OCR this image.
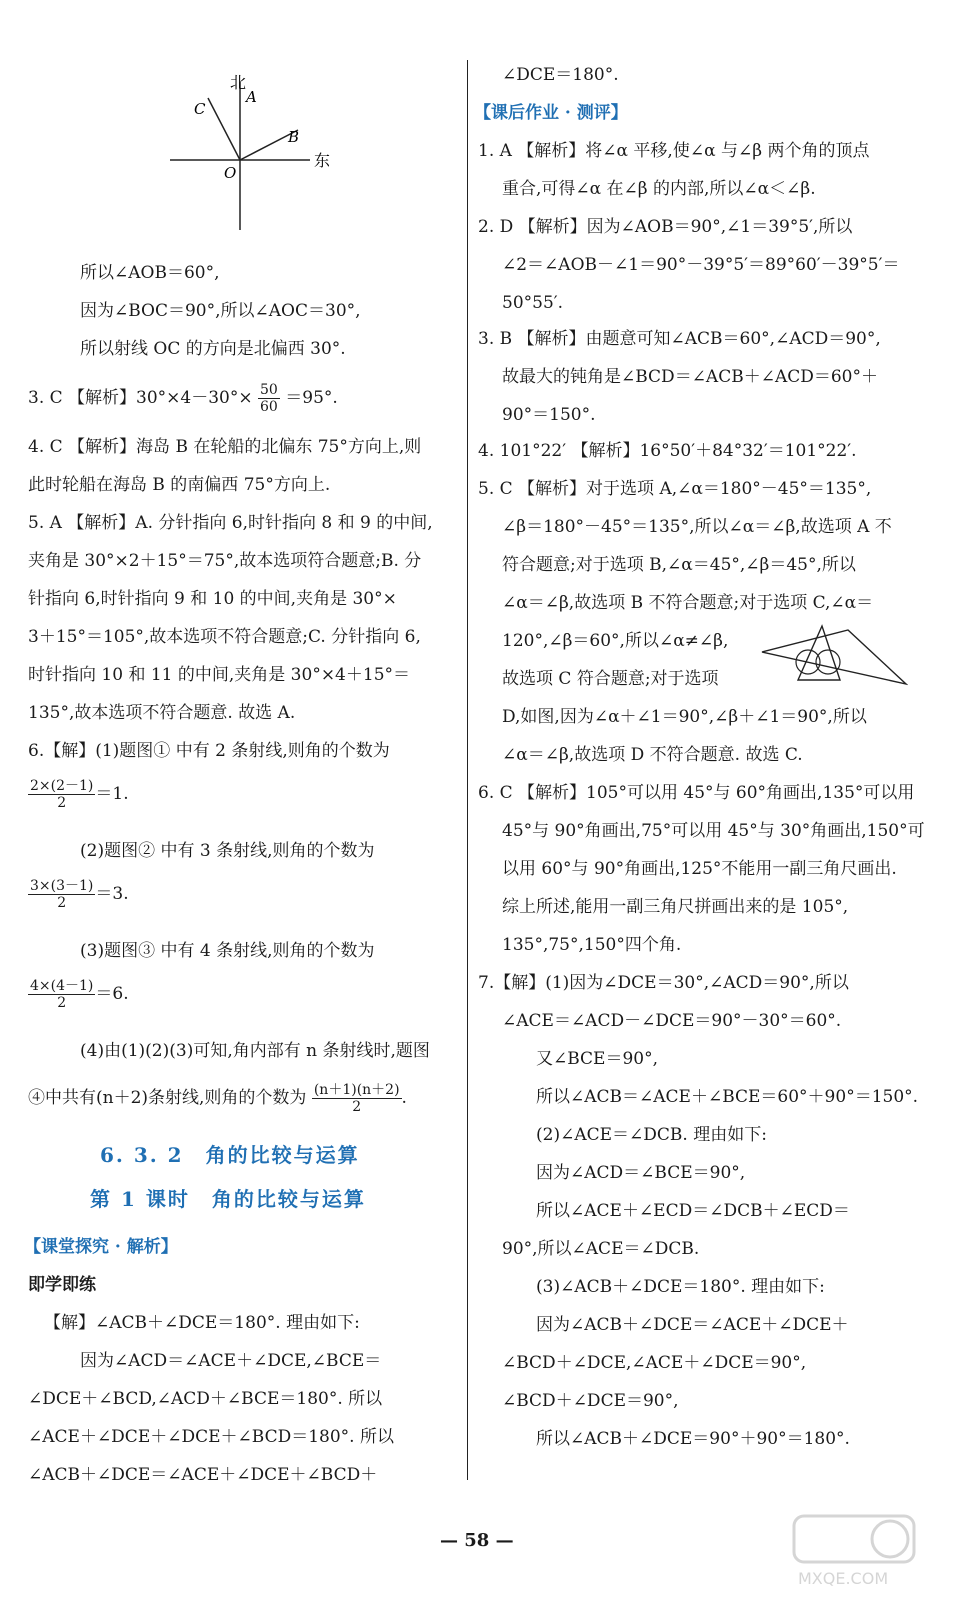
北
A
C
B
O
东
所以∠AOB＝60°,
因为∠BOC＝90°,所以∠AOC＝30°,
所以射线 OC 的方向是北偏西 30°.
3. C 【解析】$30^\circ\times 4-30^\circ\times \frac{50}{60} =95^\circ$.
4. C 【解析】海岛 B 在轮船的北偏东 75°方向上,则
此时轮船在海岛 B 的南偏西 75°方向上.
5. A 【解析】A. 分针指向 6,时针指向 8 和 9 的中间,
夹角是 30°×2＋15°＝75°,故本选项符合题意;B. 分
针指向 6,时针指向 9 和 10 的中间,夹角是 30°×
3＋15°＝105°,故本选项不符合题意;C. 分针指向 6,
时针指向 10 和 11 的中间,夹角是 30°×4＋15°＝
135°,故本选项不符合题意. 故选 A.
6.【解】(1)题图① 中有 2 条射线,则角的个数为
$\frac{2\times(2-1)}{2} =1$.
(2)题图② 中有 3 条射线,则角的个数为
$\frac{3\times(3-1)}{2} =3$.
(3)题图③ 中有 4 条射线,则角的个数为
$\frac{4\times(4-1)}{2} =6$.
(4)由(1)(2)(3)可知,角内部有 n 条射线时,题图
④中共有(n＋2)条射线,则角的个数为 $\frac{(n+1)(n+2)}{2}$ .
6. 3. 2　角的比较与运算
第 1 课时　角的比较与运算
【课堂探究 · 解析】
即学即练
【解】∠ACB＋∠DCE＝180°. 理由如下:
因为∠ACD＝∠ACE＋∠DCE,∠BCE＝
∠DCE＋∠BCD,∠ACD＋∠BCE＝180°. 所以
∠ACE＋∠DCE＋∠DCE＋∠BCD＝180°. 所以
∠ACB＋∠DCE＝∠ACE＋∠DCE＋∠BCD＋
∠DCE＝180°.
【课后作业 · 测评】
1. A 【解析】将∠α 平移,使∠α 与∠β 两个角的顶点
重合,可得∠α 在∠β 的内部,所以∠α＜∠β.
2. D 【解析】因为∠AOB＝90°,∠1＝39°5′,所以
∠2＝∠AOB－∠1＝90°－39°5′＝89°60′－39°5′＝
50°55′.
3. B 【解析】由题意可知∠ACB＝60°,∠ACD＝90°,
故最大的钝角是∠BCD＝∠ACB＋∠ACD＝60°＋
90°＝150°.
4. 101°22′ 【解析】16°50′＋84°32′＝101°22′.
5. C 【解析】对于选项 A,∠α＝180°－45°＝135°,
∠β＝180°－45°＝135°,所以∠α＝∠β,故选项 A 不
符合题意;对于选项 B,∠α＝45°,∠β＝45°,所以
∠α＝∠β,故选项 B 不符合题意;对于选项 C,∠α＝
120°,∠β＝60°,所以∠α≠∠β,
故选项 C 符合题意;对于选项
D,如图,因为∠α＋∠1＝90°,∠β＋∠1＝90°,所以
∠α＝∠β,故选项 D 不符合题意. 故选 C.
6. C 【解析】105°可以用 45°与 60°角画出,135°可以用
45°与 90°角画出,75°可以用 45°与 30°角画出,150°可
以用 60°与 90°角画出,125°不能用一副三角尺画出.
综上所述,能用一副三角尺拼画出来的是 105°,
135°,75°,150°四个角.
7.【解】(1)因为∠DCE＝30°,∠ACD＝90°,所以
∠ACE＝∠ACD－∠DCE＝90°－30°＝60°.
又∠BCE＝90°,
所以∠ACB＝∠ACE＋∠BCE＝60°＋90°＝150°.
(2)∠ACE＝∠DCB. 理由如下:
因为∠ACD＝∠BCE＝90°,
所以∠ACE＋∠ECD＝∠DCB＋∠ECD＝
90°,所以∠ACE＝∠DCB.
(3)∠ACB＋∠DCE＝180°. 理由如下:
因为∠ACB＋∠DCE＝∠ACE＋∠DCE＋
∠BCD＋∠DCE,∠ACE＋∠DCE＝90°,
∠BCD＋∠DCE＝90°,
所以∠ACB＋∠DCE＝90°＋90°＝180°.
— 58 —
MXQE.COM
